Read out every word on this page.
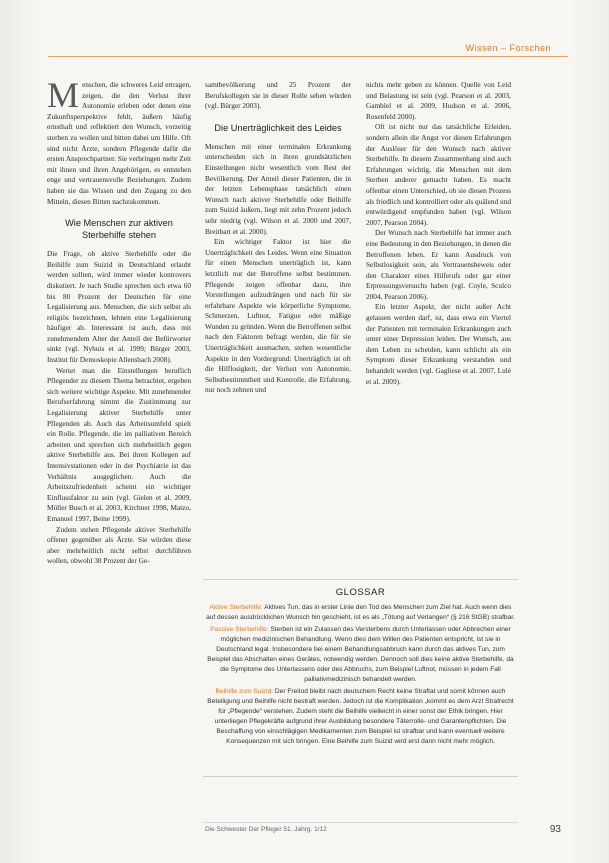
Wissen – Forschen

Menschen, die schweres Leid ertragen, zeigen, die den Verlust ihrer Autonomie erleben oder denen eine Zukunftsperspektive fehlt, äußern häufig ernsthaft und reflektiert den Wunsch, vorzeitig sterben zu wollen und bitten dabei um Hilfe. Oft sind nicht Ärzte, sondern Pflegende dafür die ersten Ansprechpartner. Sie verbringen mehr Zeit mit ihnen und ihren Angehörigen, es entstehen enge und vertrauensvolle Beziehungen. Zudem haben sie das Wissen und den Zugang zu den Mitteln, diesen Bitten nachzukommen.

Wie Menschen zur aktiven Sterbehilfe stehen

Die Frage, ob aktive Sterbehilfe oder die Beihilfe zum Suizid in Deutschland erlaubt werden sollten, wird immer wieder kontrovers diskutiert. Je nach Studie sprechen sich etwa 60 bis 80 Prozent der Deutschen für eine Legalisierung aus. Menschen, die sich selbst als religiös bezeichnen, lehnen eine Legalisierung häufiger ab. Interessant ist auch, dass mit zunehmendem Alter der Anteil der Befürworter sinkt (vgl. Nyhuis et al. 1999; Bürger 2003, Institut für Demoskopie Allensbach 2008).

Wertet man die Einstellungen beruflich Pflegender zu diesem Thema betrachtet, ergeben sich weitere wichtige Aspekte. Mit zunehmender Berufserfahrung nimmt die Zustimmung zur Legalisierung aktiver Sterbehilfe unter Pflegenden ab. Auch das Arbeitsumfeld spielt ein Rolle. Pflegende, die im palliativen Bereich arbeiten und sprechen sich mehrheitlich gegen aktive Sterbehilfe aus. Bei ihren Kollegen auf Intensivstationen oder in der Psychiatrie ist das Verhältnis ausgeglichen. Auch die Arbeitszufriedenheit scheint ein wichtiger Einflussfaktor zu sein (vgl. Gielen et al. 2009, Müller Busch et al. 2003, Kirchner 1998, Matzo, Emanuel 1997, Beine 1999).

Zudem stehen Pflegende aktiver Sterbehilfe offener gegenüber als Ärzte. Sie würden diese aber mehrheitlich nicht selbst durchführen wollen, obwohl 38 Prozent der Ge-

samtbevölkerung und 25 Prozent der Berufskollegen sie in dieser Rolle sehen würden (vgl. Bürger 2003).

Die Unerträglichkeit des Leides

Menschen mit einer terminalen Erkrankung unterscheiden sich in ihren grundsätzlichen Einstellungen nicht wesentlich vom Rest der Bevölkerung. Der Anteil dieser Patienten, die in der letzten Lebensphase tatsächlich einen Wunsch nach aktiver Sterbehilfe oder Beihilfe zum Suizid äußern, liegt mit zehn Prozent jedoch sehr niedrig (vgl. Wilson et al. 2000 und 2007, Breitbart et al. 2000).

Ein wichtiger Faktor ist hier die Unerträglichkeit des Leides. Wenn eine Situation für einen Menschen unerträglich ist, kann letztlich nur der Betroffene selbst bestimmen. Pflegende zeigen offenbar dazu, ihre Vorstellungen aufzudrängen und nach für sie erfahrbare Aspekte wie körperliche Symptome, Schmerzen, Luftnot, Fatigue oder mäßige Wunden zu gründen. Wenn die Betroffenen selbst nach den Faktoren befragt werden, die für sie Unerträglichkeit ausmachen, stehen wesentliche Aspekte in den Vordergrund: Unerträglich ist oft die Hilflosigkeit, der Verlust von Autonomie, Selbstbestimmtheit und Kontrolle, die Erfahrung, nur noch zehnen und

nichts mehr geben zu können. Quelle von Leid und Belastung ist sein (vgl. Pearson et al. 2003, Gamblel et al. 2009, Hudson et al. 2006, Rosenfeld 2000).

Oft ist nicht nur das tatsächliche Erleiden, sondern allein die Angst vor diesen Erfahrungen der Auslöser für den Wunsch nach aktiver Sterbehilfe. In diesem Zusammenhang sind auch Erfahrungen wichtig, die Menschen mit dem Sterben anderer gemacht haben. Es macht offenbar einen Unterschied, ob sie diesen Prozess als friedlich und kontrolliert oder als quälend und entwürdigend empfunden haben (vgl. Wilson 2007, Pearson 2004).

Der Wunsch nach Sterbehilfe hat immer auch eine Bedeutung in den Beziehungen, in denen die Betroffenen leben. Er kann Ausdruck von Selbstlosigkeit sein, als Vertrauensbeweis oder den Charakter eines Hilferufs oder gar einer Erpressungsversuchs haben (vgl. Coyle, Sculco 2004, Pearson 2006).

Ein letzter Aspekt, der nicht außer Acht gelassen werden darf, ist, dass etwa ein Viertel der Patienten mit terminalen Erkrankungen auch unter einer Depression leiden. Der Wunsch, aus dem Leben zu scheiden, kann schlicht als ein Symptom dieser Erkrankung verstanden und behandelt werden (vgl. Gagliese et al. 2007, Lulé et al. 2009).

GLOSSAR
Aktive Sterbehilfe: Aktives Tun, das in erster Linie den Tod des Menschen zum Ziel hat. Auch wenn dies auf dessen ausdrücklichen Wunsch hin geschieht, ist es als „Tötung auf Verlangen“ (§ 216 StGB) strafbar.
Passive Sterbehilfe: Sterben ist ein Zulassen des Versterbens durch Unterlassen oder Abbrechen einer möglichen medizinischen Behandlung. Wenn dies dem Willen des Patienten entspricht, ist sie in Deutschland legal. Insbesondere bei einem Behandlungsabbruch kann durch das aktives Tun, zum Beispiel das Abschalten eines Gerätes, notwendig werden. Dennoch soll dies keine aktive Sterbehilfe, da die Symptome des Unterlassens oder des Abbruchs, zum Beispiel Luftnot, müssen in jedem Fall palliativmedizinisch behandelt werden.
Beihilfe zum Suizid: Der Freitod bleibt nach deutschem Recht keine Straftat und somit können auch Beteiligung und Beihilfe nicht bestraft werden. Jedoch ist die Komplikation „kommt es dem Arzt Strafrecht für „Pflegende“ verstehen. Zudem steht die Beihilfe vielleicht in einer sonst der Ethik bringen. Hier unterliegen Pflegekräfte aufgrund ihrer Ausbildung besondere Täterrolle- und Garantenpflichten. Die Beschaffung von einschlägigen Medikamenten zum Beispiel ist strafbar und kann eventuell weitere Konsequenzen mit sich bringen. Eine Beihilfe zum Suizid wird erst dann nicht mehr möglich.
Die Schwester Der Pfleger 51. Jahrg. 1/12	93
